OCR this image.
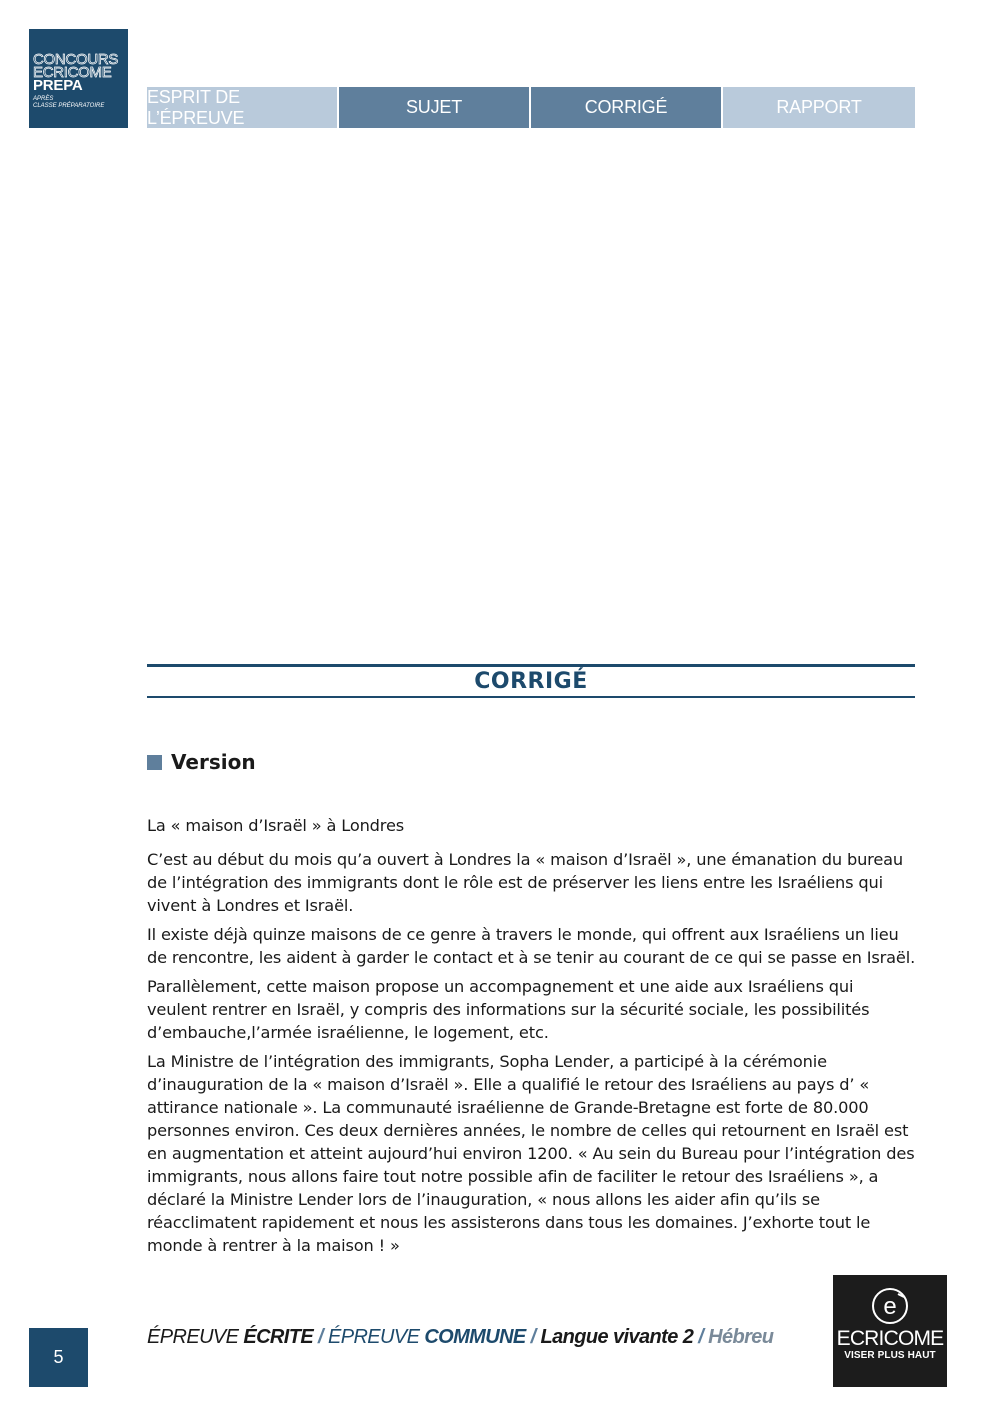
CONCOURS
ECRICOME
PREPA
APRÈS
CLASSE PRÉPARATOIRE	ESPRIT DE L’ÉPREUVE
SUJET	CORRIGÉ	RAPPORT
CORRIGÉ
Version

La « maison d’Israël » à Londres

C’est au début du mois qu’a ouvert à Londres la « maison d’Israël », une émanation du bureau de l’intégration des immigrants dont le rôle est de préserver les liens entre les Israéliens qui vivent à Londres et Israël.

Il existe déjà quinze maisons de ce genre à travers le monde, qui offrent aux Israéliens un lieu de rencontre, les aident à garder le contact et à se tenir au courant de ce qui se passe en Israël.

Parallèlement, cette maison propose un accompagnement et une aide aux Israéliens qui veulent rentrer en Israël, y compris des informations sur la sécurité sociale, les possibilités d’embauche,l’armée israélienne, le logement, etc.

La Ministre de l’intégration des immigrants, Sopha Lender, a participé à la cérémonie d’inauguration de la « maison d’Israël ». Elle a qualifié le retour des Israéliens au pays d’ « attirance nationale ». La communauté israélienne de Grande-Bretagne est forte de 80.000 personnes environ. Ces deux dernières années, le nombre de celles qui retournent en Israël est en augmentation et atteint aujourd’hui environ 1200. « Au sein du Bureau pour l’intégration des immigrants, nous allons faire tout notre possible afin de faciliter le retour des Israéliens », a déclaré la Ministre Lender lors de l’inauguration, « nous allons les aider afin qu’ils se réacclimatent rapidement et nous les assisterons dans tous les domaines. J’exhorte tout le monde à rentrer à la maison ! »

5
ÉPREUVE ÉCRITE / ÉPREUVE COMMUNE / Langue vivante 2 / Hébreu
e
ECRICOME
VISER PLUS HAUT
